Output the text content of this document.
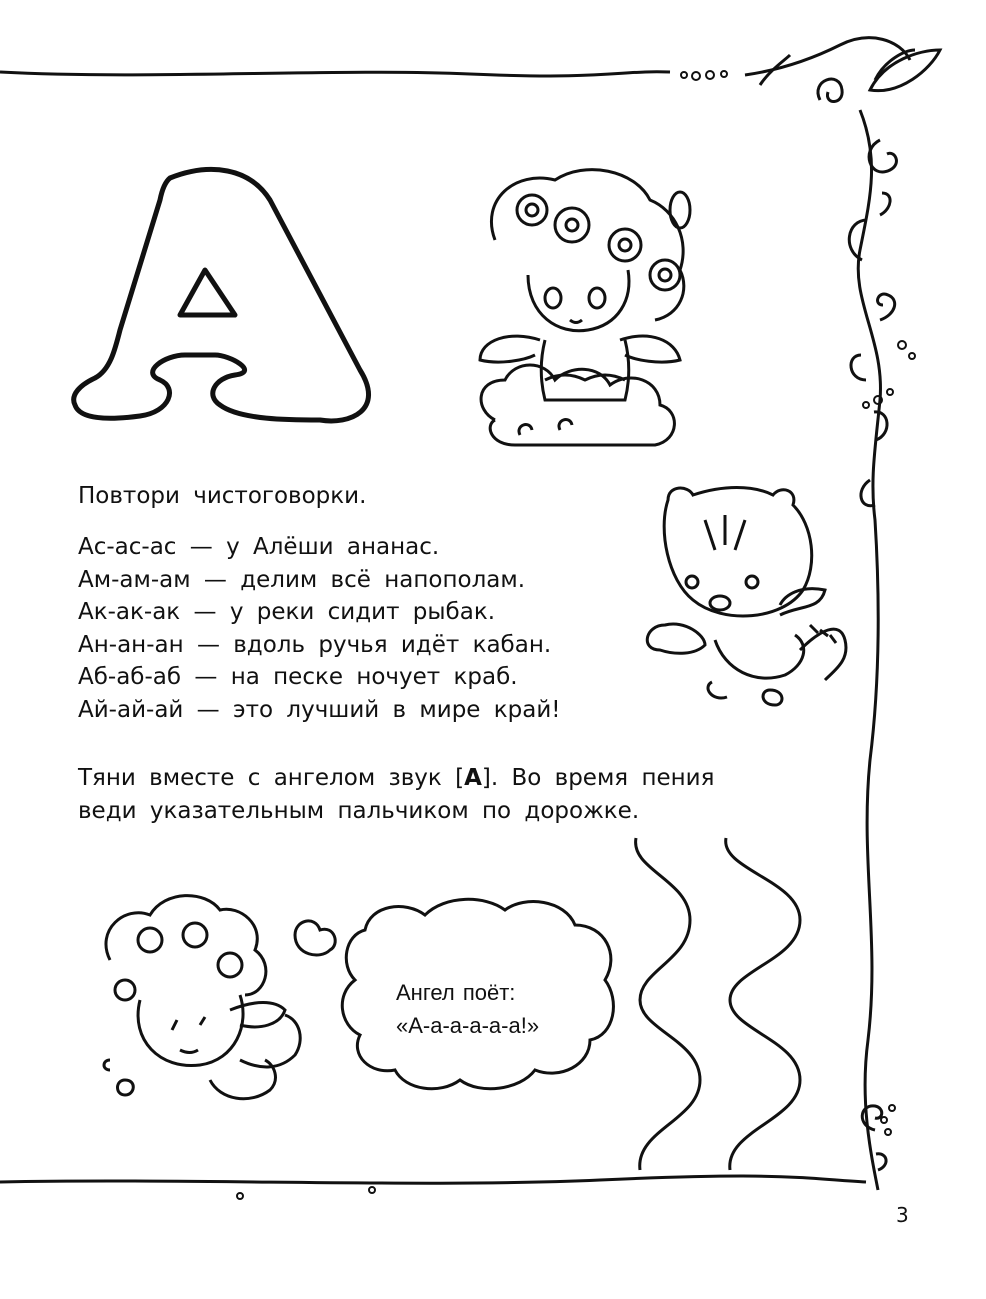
Повтори чистоговорки.
Ас-ас-ас — у Алёши ананас.
Ам-ам-ам — делим всё напополам.
Ак-ак-ак — у реки сидит рыбак.
Ан-ан-ан — вдоль ручья идёт кабан.
Аб-аб-аб — на песке ночует краб.
Ай-ай-ай — это лучший в мире край!
Тяни вместе с ангелом звук [А]. Во время пения
веди указательным пальчиком по дорожке.
Ангел поёт:
«А-а-а-а-а-а!»
3
